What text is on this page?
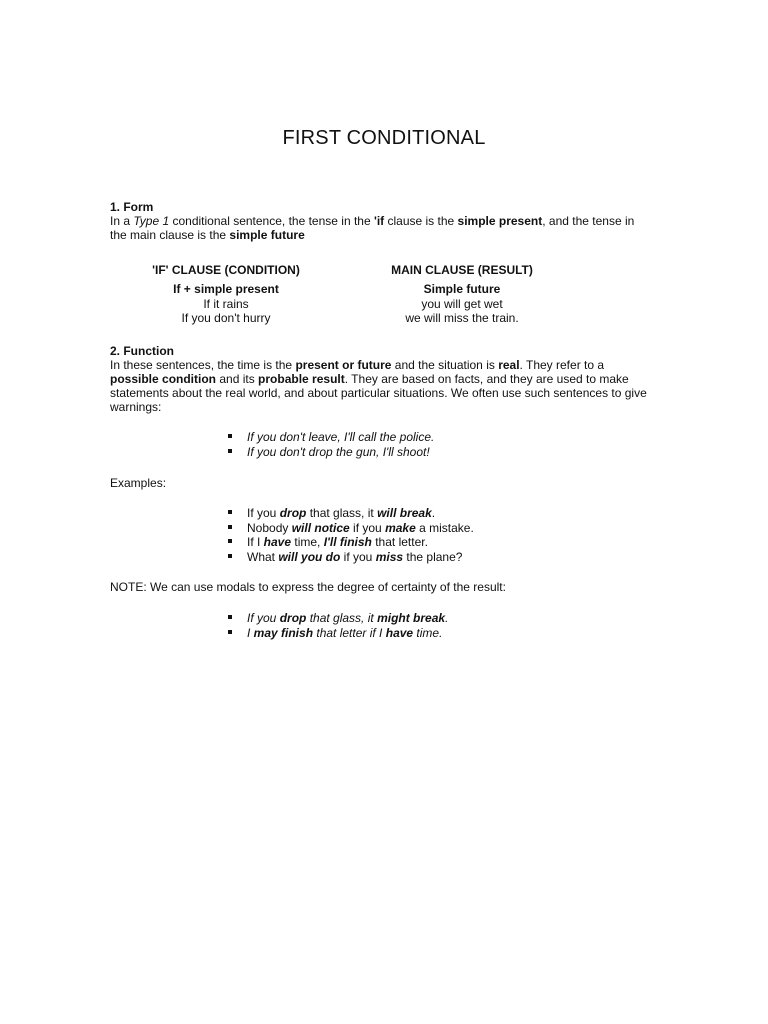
FIRST CONDITIONAL
1. Form
In a Type 1 conditional sentence, the tense in the 'if clause is the simple present, and the tense in the main clause is the simple future
'IF' CLAUSE (CONDITION)
If + simple present
If it rains
If you don't hurry
MAIN CLAUSE (RESULT)
Simple future
you will get wet
we will miss the train.
2. Function
In these sentences, the time is the present or future and the situation is real. They refer to a possible condition and its probable result. They are based on facts, and they are used to make statements about the real world, and about particular situations. We often use such sentences to give warnings:
If you don't leave, I'll call the police.
If you don't drop the gun, I'll shoot!
Examples:
If you drop that glass, it will break.
Nobody will notice if you make a mistake.
If I have time, I'll finish that letter.
What will you do if you miss the plane?
NOTE: We can use modals to express the degree of certainty of the result:
If you drop that glass, it might break.
I may finish that letter if I have time.
